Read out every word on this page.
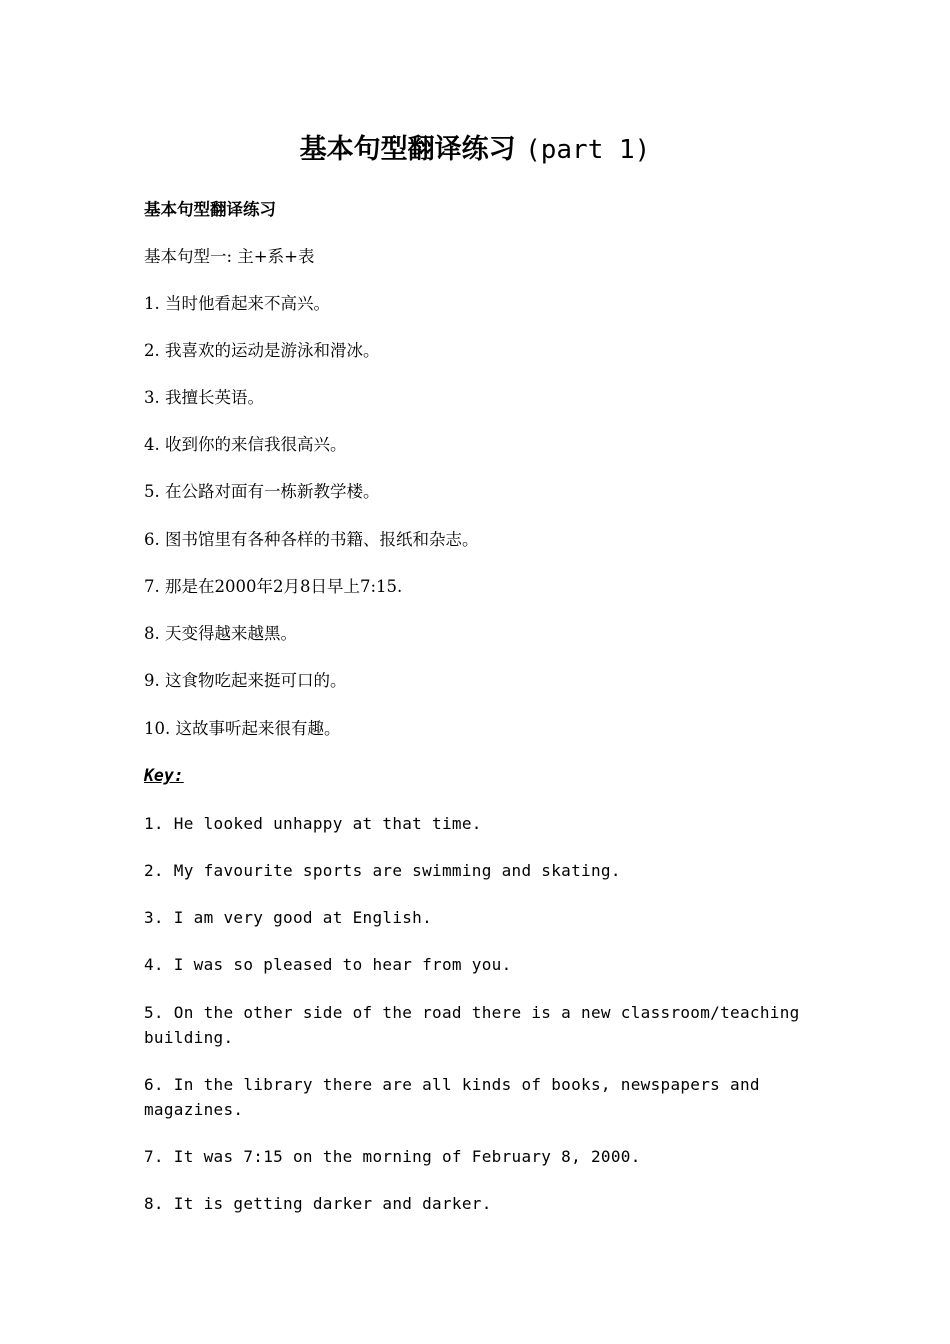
基本句型翻译练习 (part 1)
基本句型翻译练习
基本句型一: 主+系+表
1. 当时他看起来不高兴。
2. 我喜欢的运动是游泳和滑冰。
3. 我擅长英语。
4. 收到你的来信我很高兴。
5. 在公路对面有一栋新教学楼。
6. 图书馆里有各种各样的书籍、报纸和杂志。
7. 那是在2000年2月8日早上7:15.
8. 天变得越来越黑。
9. 这食物吃起来挺可口的。
10. 这故事听起来很有趣。
Key:
1. He looked unhappy at that time.
2. My favourite sports are swimming and skating.
3. I am very good at English.
4. I was so pleased to hear from you.
5. On the other side of the road there is a new classroom/teaching building.
6. In the library there are all kinds of books, newspapers and magazines.
7. It was 7:15 on the morning of February 8, 2000.
8. It is getting darker and darker.
